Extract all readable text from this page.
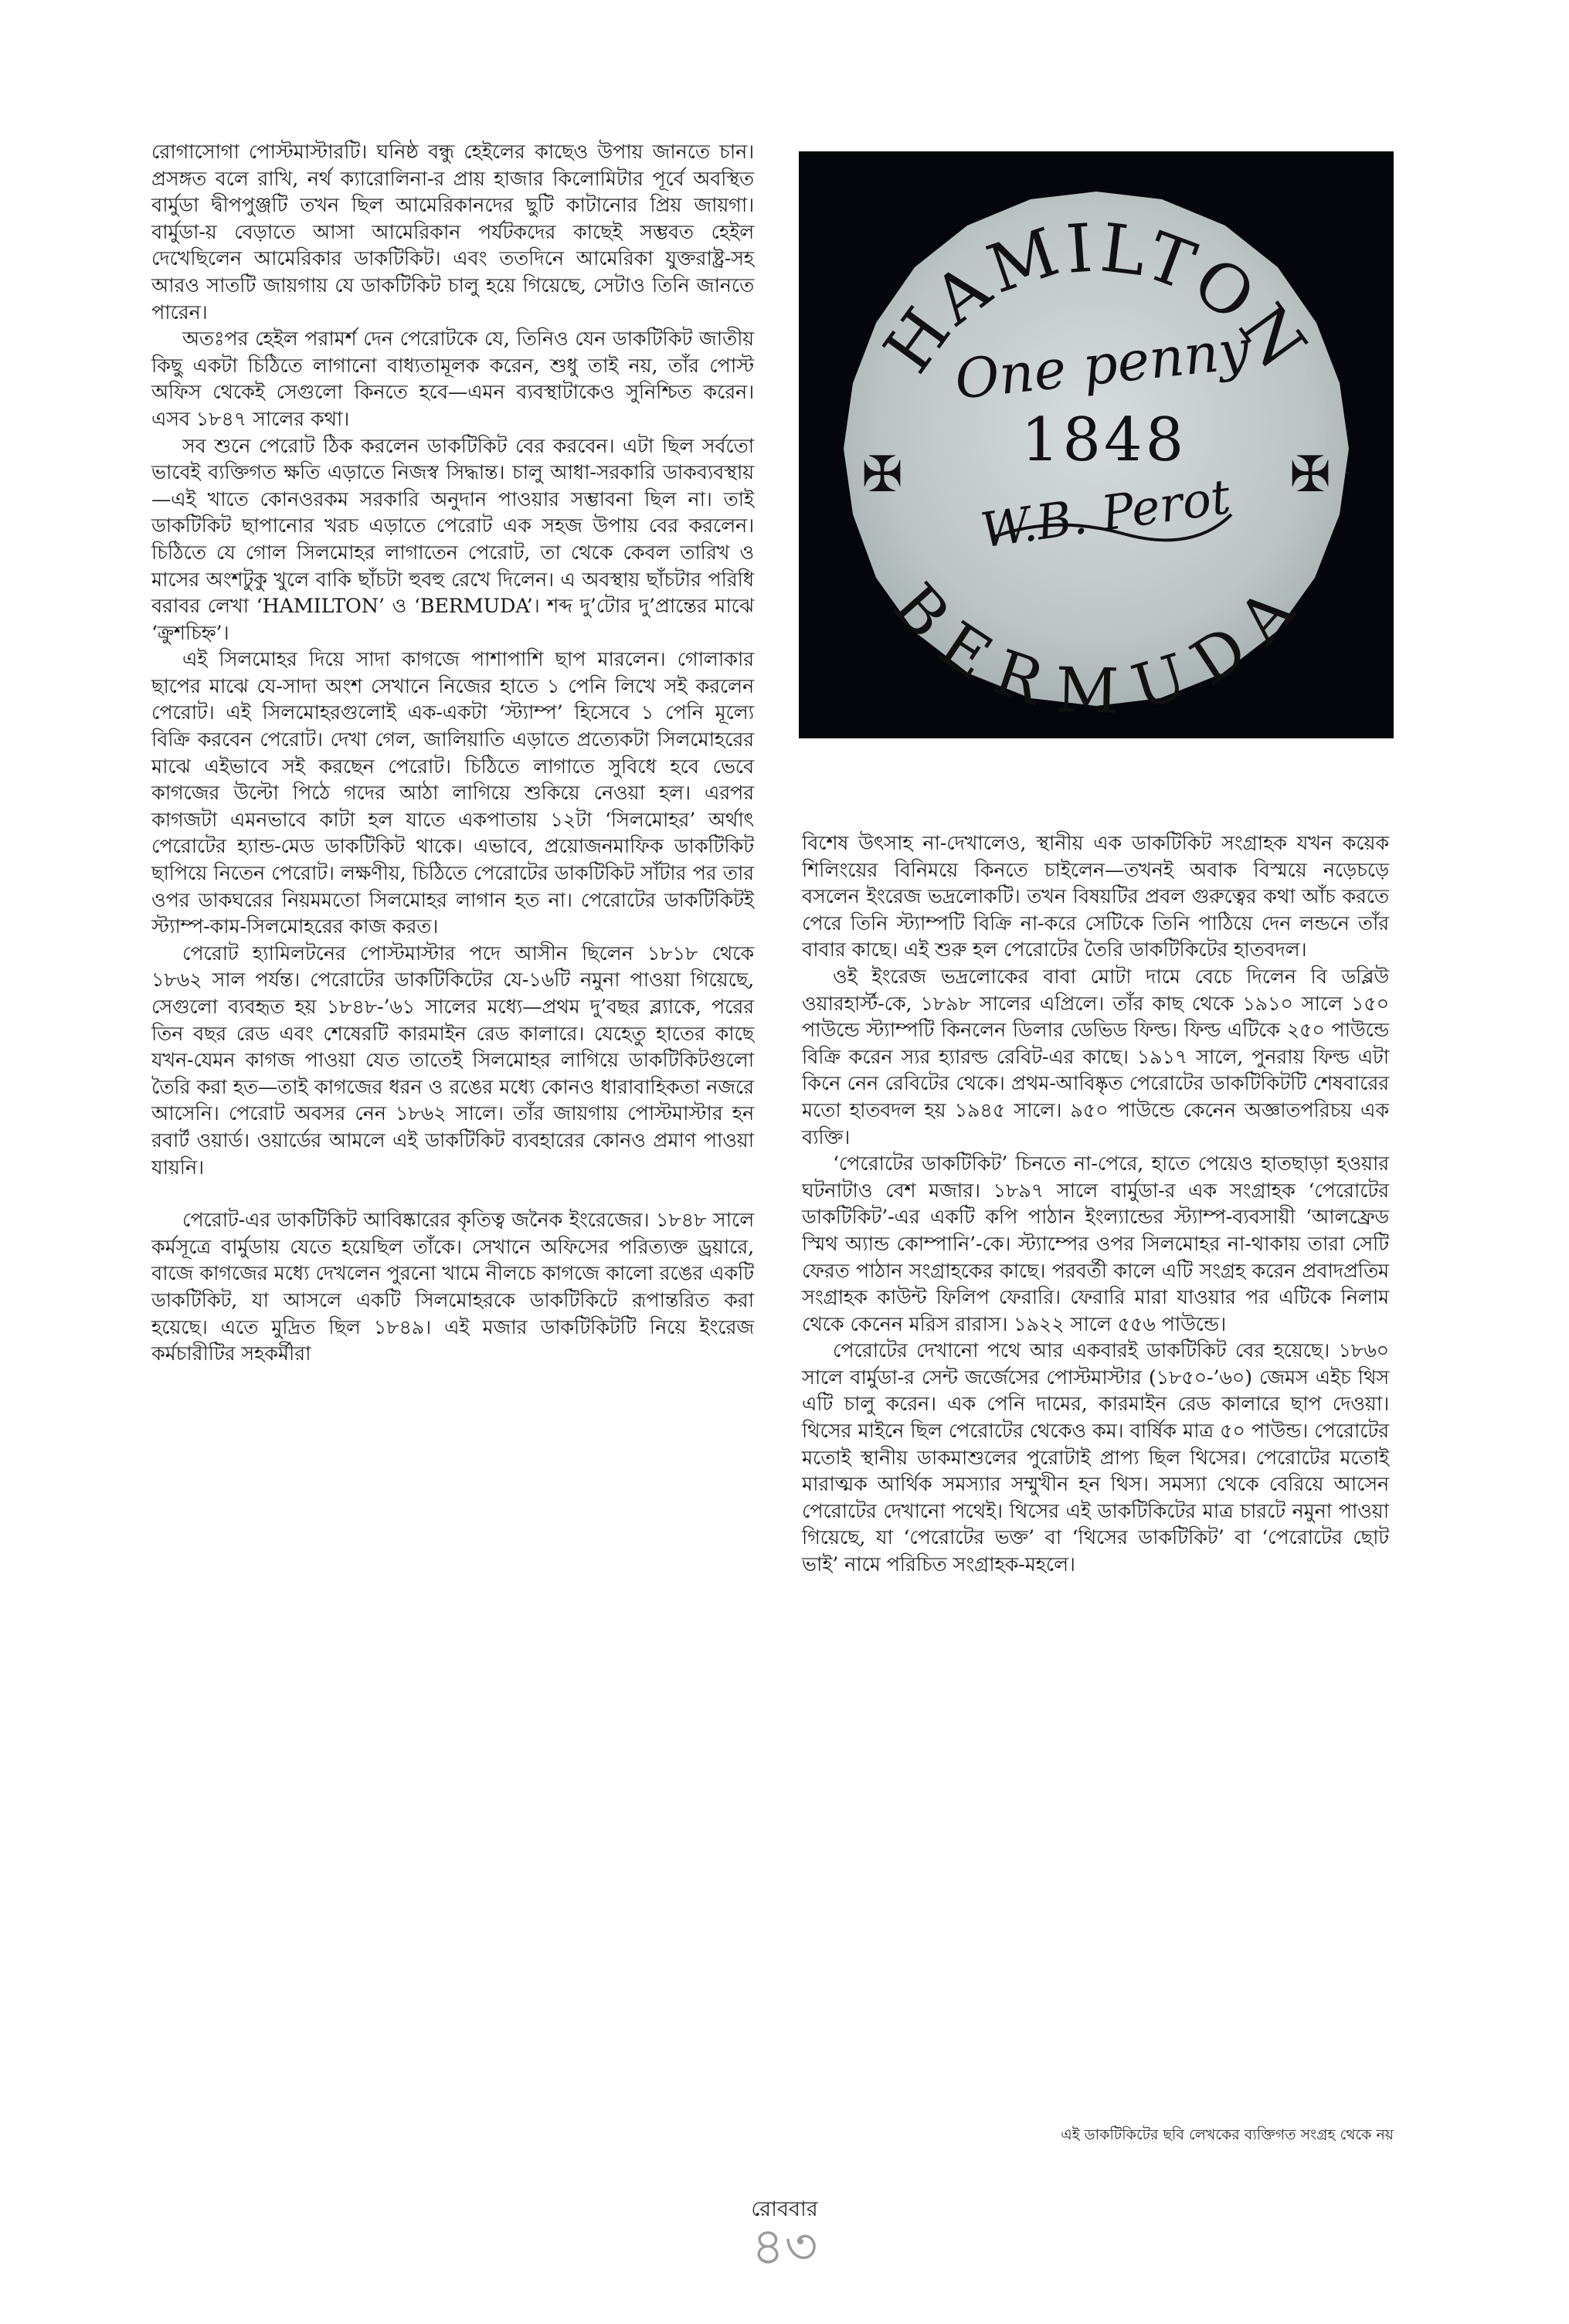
রোগাসোগা পোস্টমাস্টারটি। ঘনিষ্ঠ বন্ধু হেইলের কাছেও উপায় জানতে চান। প্রসঙ্গত বলে রাখি, নর্থ ক্যারোলিনা-র প্রায় হাজার কিলোমিটার পূর্বে অবস্থিত বার্মুডা দ্বীপপুঞ্জটি তখন ছিল আমেরিকানদের ছুটি কাটানোর প্রিয় জায়গা। বার্মুডা-য় বেড়াতে আসা আমেরিকান পর্যটকদের কাছেই সম্ভবত হেইল দেখেছিলেন আমেরিকার ডাকটিকিট। এবং ততদিনে আমেরিকা যুক্তরাষ্ট্র-সহ আরও সাতটি জায়গায় যে ডাকটিকিট চালু হয়ে গিয়েছে, সেটাও তিনি জানতে পারেন।

অতঃপর হেইল পরামর্শ দেন পেরোটকে যে, তিনিও যেন ডাকটিকিট জাতীয় কিছু একটা চিঠিতে লাগানো বাধ্যতামূলক করেন, শুধু তাই নয়, তাঁর পোস্ট অফিস থেকেই সেগুলো কিনতে হবে—এমন ব্যবস্থাটাকেও সুনিশ্চিত করেন। এসব ১৮৪৭ সালের কথা।

সব শুনে পেরোট ঠিক করলেন ডাকটিকিট বের করবেন। এটা ছিল সর্বতো ভাবেই ব্যক্তিগত ক্ষতি এড়াতে নিজস্ব সিদ্ধান্ত। চালু আধা-সরকারি ডাকব্যবস্থায়—এই খাতে কোনওরকম সরকারি অনুদান পাওয়ার সম্ভাবনা ছিল না। তাই ডাকটিকিট ছাপানোর খরচ এড়াতে পেরোট এক সহজ উপায় বের করলেন। চিঠিতে যে গোল সিলমোহর লাগাতেন পেরোট, তা থেকে কেবল তারিখ ও মাসের অংশটুকু খুলে বাকি ছাঁচটা হুবহু রেখে দিলেন। এ অবস্থায় ছাঁচটার পরিধি বরাবর লেখা ‘HAMILTON’ ও ‘BERMUDA’। শব্দ দু’টোর দু’প্রান্তের মাঝে ‘ক্রুশচিহ্ন’।

এই সিলমোহর দিয়ে সাদা কাগজে পাশাপাশি ছাপ মারলেন। গোলাকার ছাপের মাঝে যে-সাদা অংশ সেখানে নিজের হাতে ১ পেনি লিখে সই করলেন পেরোট। এই সিলমোহরগুলোই এক-একটা ‘স্ট্যাম্প’ হিসেবে ১ পেনি মূল্যে বিক্রি করবেন পেরোট। দেখা গেল, জালিয়াতি এড়াতে প্রত্যেকটা সিলমোহরের মাঝে এইভাবে সই করছেন পেরোট। চিঠিতে লাগাতে সুবিধে হবে ভেবে কাগজের উল্টো পিঠে গদের আঠা লাগিয়ে শুকিয়ে নেওয়া হল। এরপর কাগজটা এমনভাবে কাটা হল যাতে একপাতায় ১২টা ‘সিলমোহর’ অর্থাৎ পেরোটের হ্যান্ড-মেড ডাকটিকিট থাকে। এভাবে, প্রয়োজনমাফিক ডাকটিকিট ছাপিয়ে নিতেন পেরোট। লক্ষণীয়, চিঠিতে পেরোটের ডাকটিকিট সাঁটার পর তার ওপর ডাকঘরের নিয়মমতো সিলমোহর লাগান হত না। পেরোটের ডাকটিকিটই স্ট্যাম্প-কাম-সিলমোহরের কাজ করত।

পেরোট হ্যামিলটনের পোস্টমাস্টার পদে আসীন ছিলেন ১৮১৮ থেকে ১৮৬২ সাল পর্যন্ত। পেরোটের ডাকটিকিটের যে-১৬টি নমুনা পাওয়া গিয়েছে, সেগুলো ব্যবহৃত হয় ১৮৪৮-’৬১ সালের মধ্যে—প্রথম দু’বছর ব্ল্যাকে, পরের তিন বছর রেড এবং শেষেরটি কারমাইন রেড কালারে। যেহেতু হাতের কাছে যখন-যেমন কাগজ পাওয়া যেত তাতেই সিলমোহর লাগিয়ে ডাকটিকিটগুলো তৈরি করা হত—তাই কাগজের ধরন ও রঙের মধ্যে কোনও ধারাবাহিকতা নজরে আসেনি। পেরোট অবসর নেন ১৮৬২ সালে। তাঁর জায়গায় পোস্টমাস্টার হন রবার্ট ওয়ার্ড। ওয়ার্ডের আমলে এই ডাকটিকিট ব্যবহারের কোনও প্রমাণ পাওয়া যায়নি।

পেরোট-এর ডাকটিকিট আবিষ্কারের কৃতিত্ব জনৈক ইংরেজের। ১৮৪৮ সালে কর্মসূত্রে বার্মুডায় যেতে হয়েছিল তাঁকে। সেখানে অফিসের পরিত্যক্ত ড্রয়ারে, বাজে কাগজের মধ্যে দেখলেন পুরনো খামে নীলচে কাগজে কালো রঙের একটি ডাকটিকিট, যা আসলে একটি সিলমোহরকে ডাকটিকিটে রূপান্তরিত করা হয়েছে। এতে মুদ্রিত ছিল ১৮৪৯। এই মজার ডাকটিকিটটি নিয়ে ইংরেজ কর্মচারীটির সহকর্মীরা

HAMILTON
BERMUDA
✠	✠
One penny
1848
W.B. Perot

বিশেষ উৎসাহ না-দেখালেও, স্থানীয় এক ডাকটিকিট সংগ্রাহক যখন কয়েক শিলিংয়ের বিনিময়ে কিনতে চাইলেন—তখনই অবাক বিস্ময়ে নড়েচড়ে বসলেন ইংরেজ ভদ্রলোকটি। তখন বিষয়টির প্রবল গুরুত্বের কথা আঁচ করতে পেরে তিনি স্ট্যাম্পটি বিক্রি না-করে সেটিকে তিনি পাঠিয়ে দেন লন্ডনে তাঁর বাবার কাছে। এই শুরু হল পেরোটের তৈরি ডাকটিকিটের হাতবদল।

ওই ইংরেজ ভদ্রলোকের বাবা মোটা দামে বেচে দিলেন বি ডব্লিউ ওয়ারহার্স্ট-কে, ১৮৯৮ সালের এপ্রিলে। তাঁর কাছ থেকে ১৯১০ সালে ১৫০ পাউন্ডে স্ট্যাম্পটি কিনলেন ডিলার ডেভিড ফিল্ড। ফিল্ড এটিকে ২৫০ পাউন্ডে বিক্রি করেন স্যর হ্যারল্ড রেবিট-এর কাছে। ১৯১৭ সালে, পুনরায় ফিল্ড এটা কিনে নেন রেবিটের থেকে। প্রথম-আবিষ্কৃত পেরোটের ডাকটিকিটটি শেষবারের মতো হাতবদল হয় ১৯৪৫ সালে। ৯৫০ পাউন্ডে কেনেন অজ্ঞাতপরিচয় এক ব্যক্তি।

‘পেরোটের ডাকটিকিট’ চিনতে না-পেরে, হাতে পেয়েও হাতছাড়া হওয়ার ঘটনাটাও বেশ মজার। ১৮৯৭ সালে বার্মুডা-র এক সংগ্রাহক ‘পেরোটের ডাকটিকিট’-এর একটি কপি পাঠান ইংল্যান্ডের স্ট্যাম্প-ব্যবসায়ী ‘আলফ্রেড স্মিথ অ্যান্ড কোম্পানি’-কে। স্ট্যাম্পের ওপর সিলমোহর না-থাকায় তারা সেটি ফেরত পাঠান সংগ্রাহকের কাছে। পরবর্তী কালে এটি সংগ্রহ করেন প্রবাদপ্রতিম সংগ্রাহক কাউন্ট ফিলিপ ফেরারি। ফেরারি মারা যাওয়ার পর এটিকে নিলাম থেকে কেনেন মরিস রারাস। ১৯২২ সালে ৫৫৬ পাউন্ডে।

পেরোটের দেখানো পথে আর একবারই ডাকটিকিট বের হয়েছে। ১৮৬০ সালে বার্মুডা-র সেন্ট জর্জেসের পোস্টমাস্টার (১৮৫০-’৬০) জেমস এইচ থিস এটি চালু করেন। এক পেনি দামের, কারমাইন রেড কালারে ছাপ দেওয়া। থিসের মাইনে ছিল পেরোটের থেকেও কম। বার্ষিক মাত্র ৫০ পাউন্ড। পেরোটের মতোই স্থানীয় ডাকমাশুলের পুরোটাই প্রাপ্য ছিল থিসের। পেরোটের মতোই মারাত্মক আর্থিক সমস্যার সম্মুখীন হন থিস। সমস্যা থেকে বেরিয়ে আসেন পেরোটের দেখানো পথেই। থিসের এই ডাকটিকিটের মাত্র চারটে নমুনা পাওয়া গিয়েছে, যা ‘পেরোটের ভক্ত’ বা ‘থিসের ডাকটিকিট’ বা ‘পেরোটের ছোট ভাই’ নামে পরিচিত সংগ্রাহক-মহলে।

এই ডাকটিকিটের ছবি লেখকের ব্যক্তিগত সংগ্রহ থেকে নয়
রোববার
৪৩
